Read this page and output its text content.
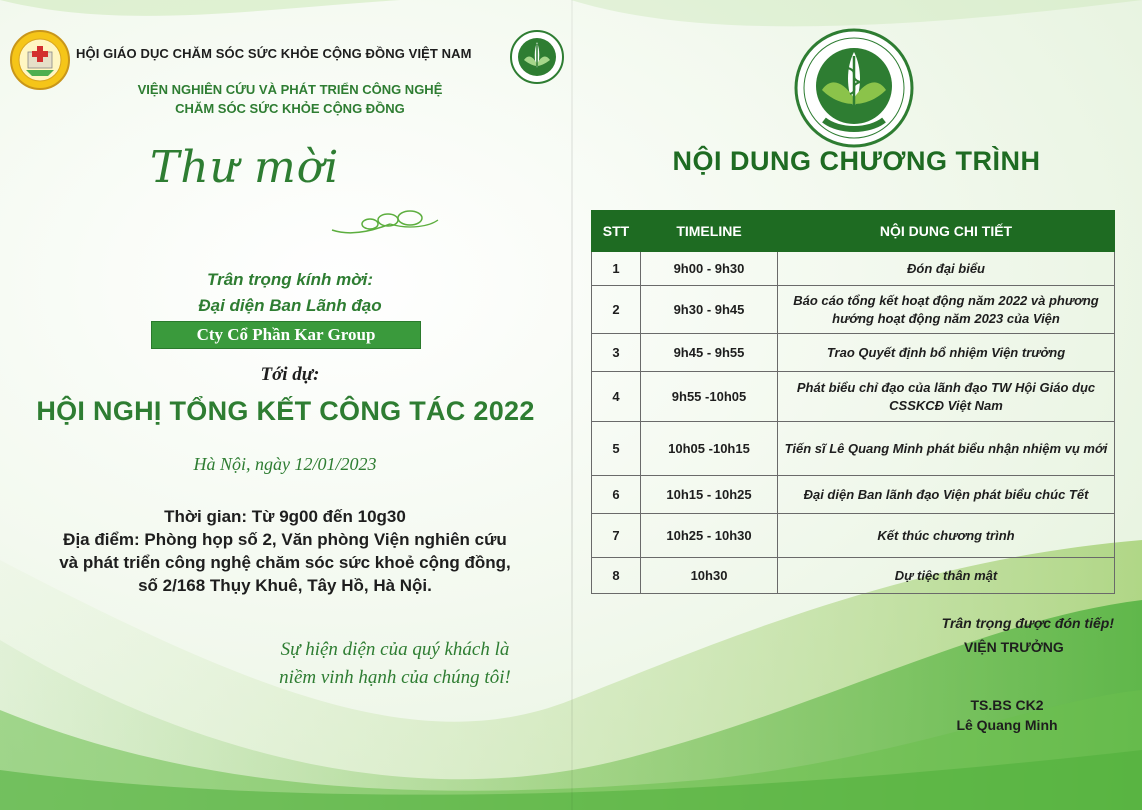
HỘI GIÁO DỤC CHĂM SÓC SỨC KHỎE CỘNG ĐỒNG VIỆT NAM
VIỆN NGHIÊN CỨU VÀ PHÁT TRIỂN CÔNG NGHỆ
CHĂM SÓC SỨC KHỎE CỘNG ĐỒNG
Thư mời
Trân trọng kính mời:
Đại diện Ban Lãnh đạo
Cty Cổ Phần Kar Group
Tới dự:
HỘI NGHỊ TỔNG KẾT CÔNG TÁC 2022
Hà Nội, ngày 12/01/2023
Thời gian: Từ 9g00 đến 10g30
Địa điểm: Phòng họp số 2, Văn phòng Viện nghiên cứu
và phát triển công nghệ chăm sóc sức khoẻ cộng đồng,
số 2/168 Thụy Khuê, Tây Hồ, Hà Nội.
Sự hiện diện của quý khách là
niềm vinh hạnh của chúng tôi!
NỘI DUNG CHƯƠNG TRÌNH
STT	TIMELINE	NỘI DUNG CHI TIẾT
1	9h00 - 9h30	Đón đại biểu
2	9h30 - 9h45	Báo cáo tổng kết hoạt động năm 2022 và phương hướng hoạt động năm 2023 của Viện
3	9h45 - 9h55	Trao Quyết định bổ nhiệm Viện trưởng
4	9h55 -10h05	Phát biểu chỉ đạo của lãnh đạo TW Hội Giáo dục CSSKCĐ Việt Nam
5	10h05 -10h15	Tiến sĩ Lê Quang Minh phát biểu nhận nhiệm vụ mới
6	10h15 - 10h25	Đại diện Ban lãnh đạo Viện phát biểu chúc Tết
7	10h25 - 10h30	Kết thúc chương trình
8	10h30	Dự tiệc thân mật
Trân trọng được đón tiếp!
VIỆN TRƯỞNG
TS.BS CK2
Lê Quang Minh
